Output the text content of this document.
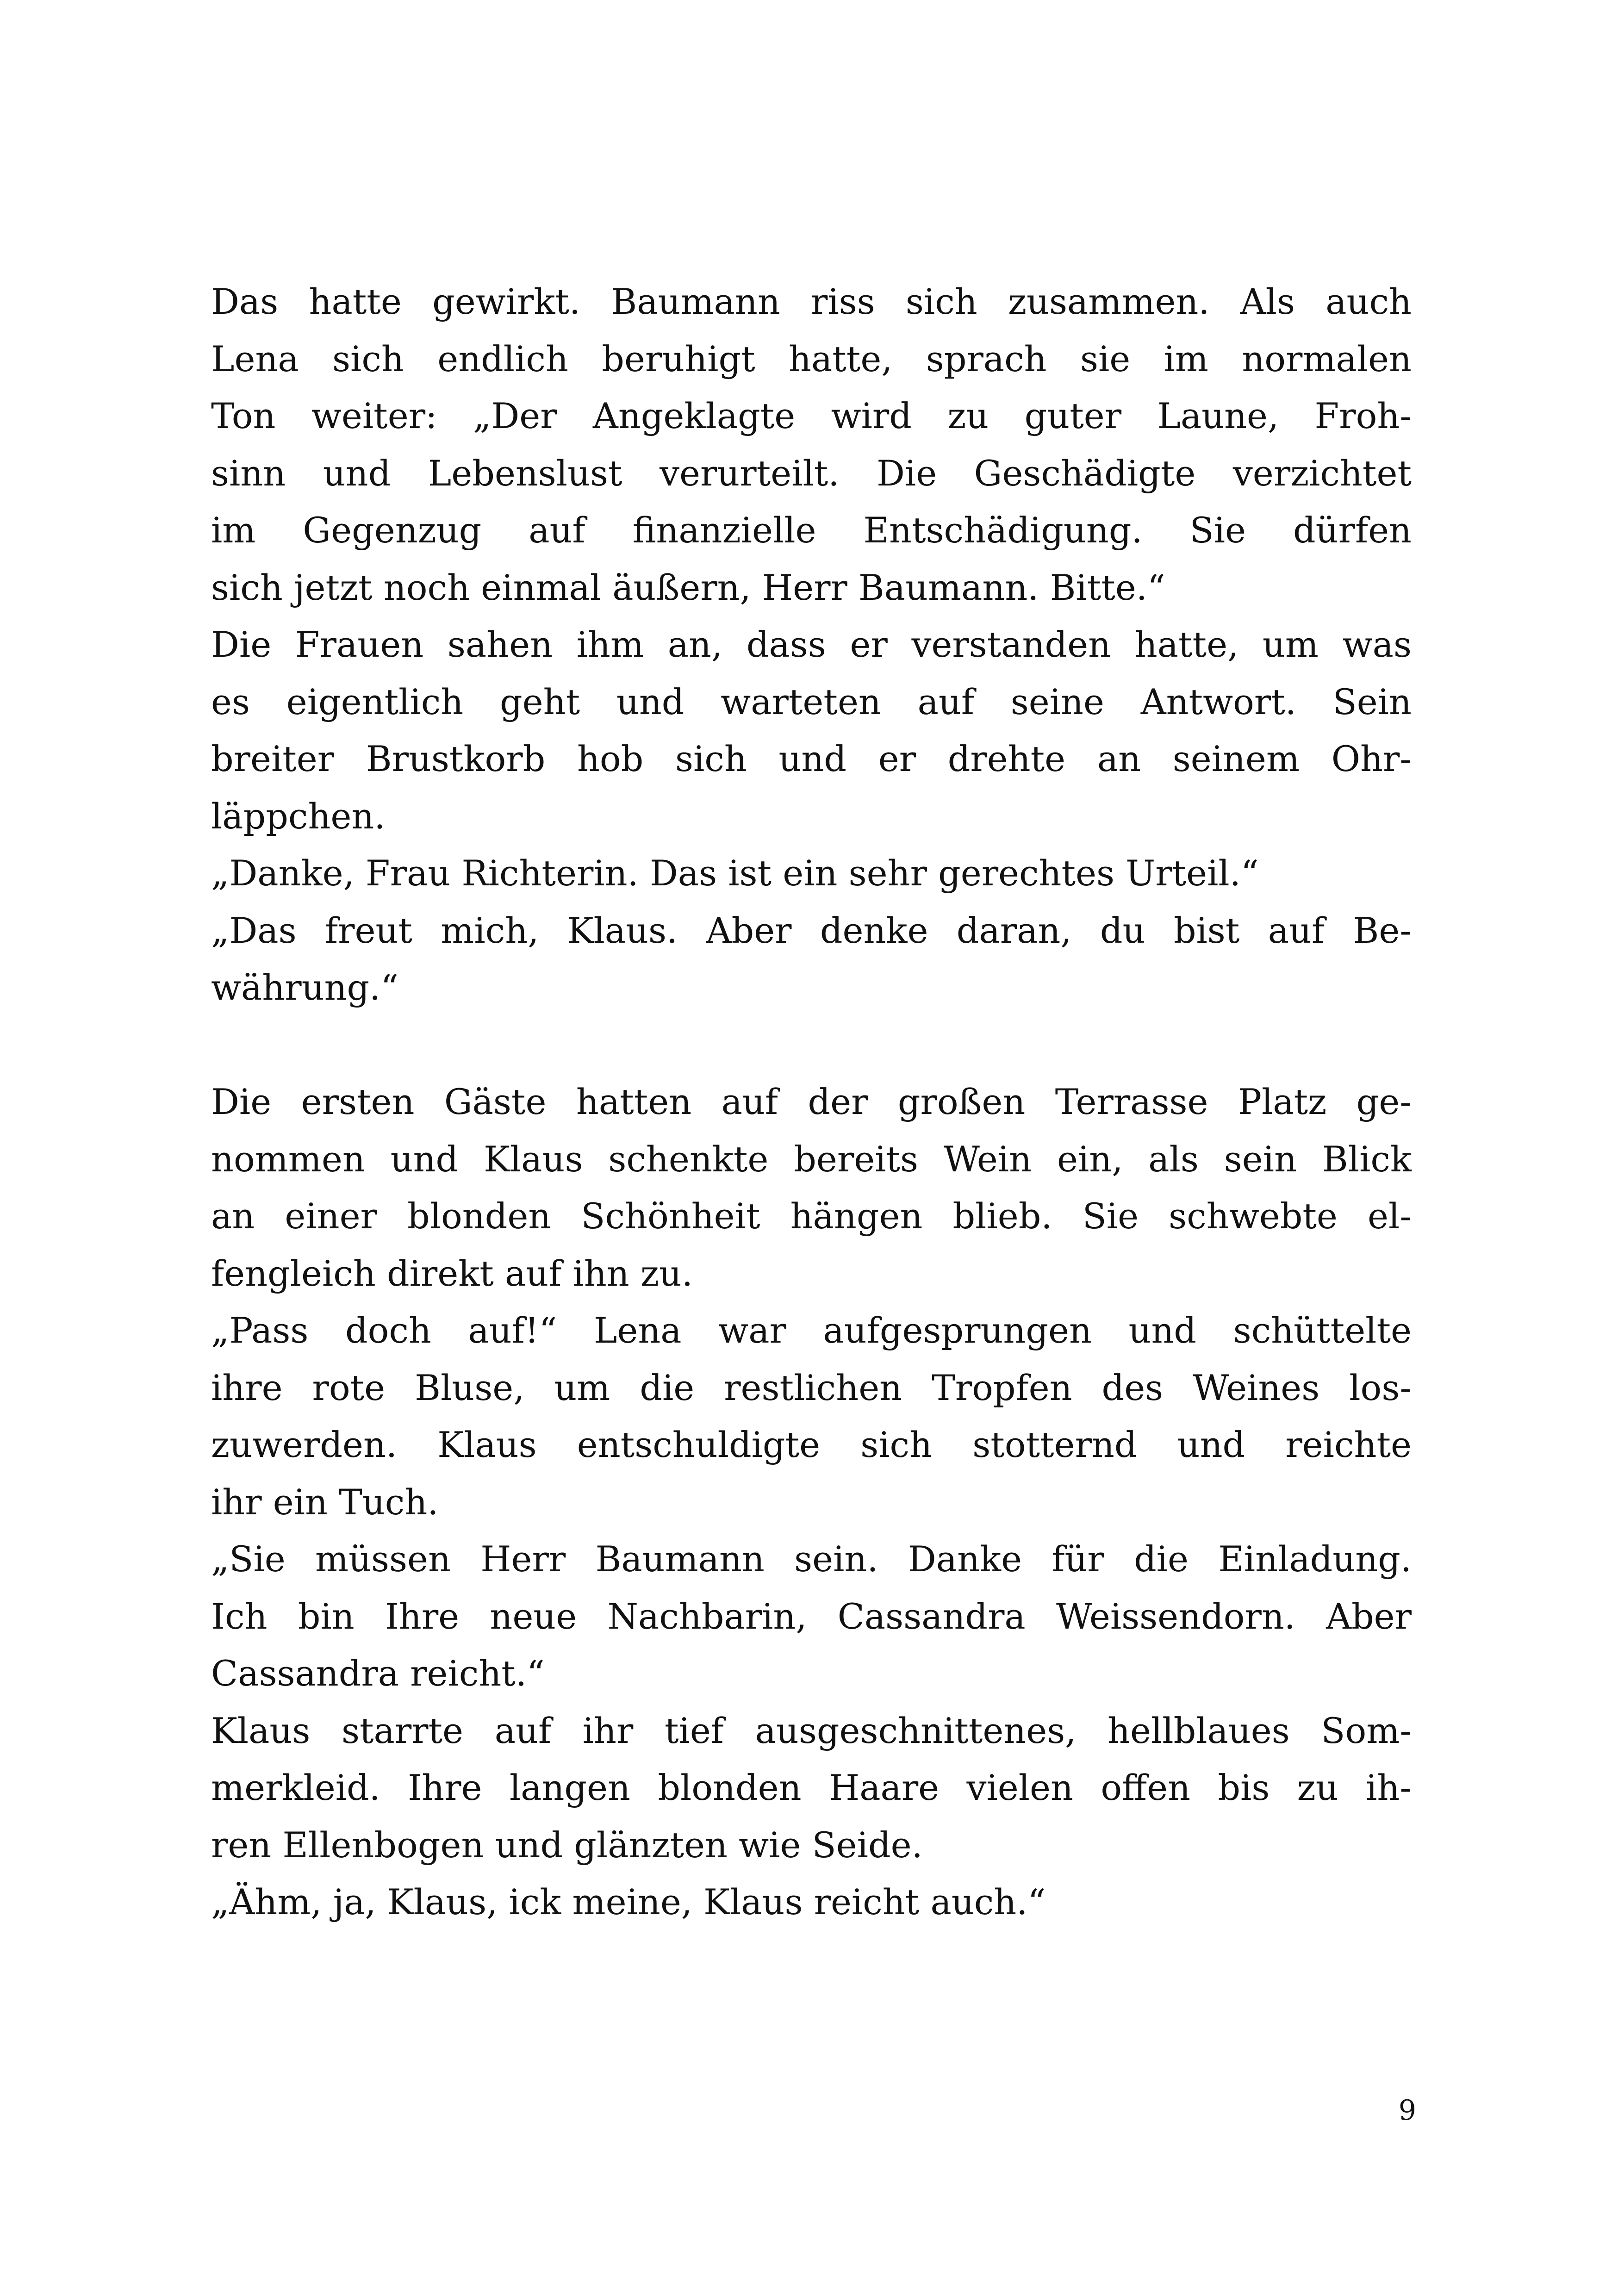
Das hatte gewirkt. Baumann riss sich zusammen. Als auch
Lena sich endlich beruhigt hatte, sprach sie im normalen
Ton weiter: „Der Angeklagte wird zu guter Laune, Froh-
sinn und Lebenslust verurteilt. Die Geschädigte verzichtet
im Gegenzug auf finanzielle Entschädigung. Sie dürfen
sich jetzt noch einmal äußern, Herr Baumann. Bitte.“
Die Frauen sahen ihm an, dass er verstanden hatte, um was
es eigentlich geht und warteten auf seine Antwort. Sein
breiter Brustkorb hob sich und er drehte an seinem Ohr-
läppchen.
„Danke, Frau Richterin. Das ist ein sehr gerechtes Urteil.“
„Das freut mich, Klaus. Aber denke daran, du bist auf Be-
währung.“
Die ersten Gäste hatten auf der großen Terrasse Platz ge-
nommen und Klaus schenkte bereits Wein ein, als sein Blick
an einer blonden Schönheit hängen blieb. Sie schwebte el-
fengleich direkt auf ihn zu.
„Pass doch auf!“ Lena war aufgesprungen und schüttelte
ihre rote Bluse, um die restlichen Tropfen des Weines los-
zuwerden. Klaus entschuldigte sich stotternd und reichte
ihr ein Tuch.
„Sie müssen Herr Baumann sein. Danke für die Einladung.
Ich bin Ihre neue Nachbarin, Cassandra Weissendorn. Aber
Cassandra reicht.“
Klaus starrte auf ihr tief ausgeschnittenes, hellblaues Som-
merkleid. Ihre langen blonden Haare vielen offen bis zu ih-
ren Ellenbogen und glänzten wie Seide.
„Ähm, ja, Klaus, ick meine, Klaus reicht auch.“
9
